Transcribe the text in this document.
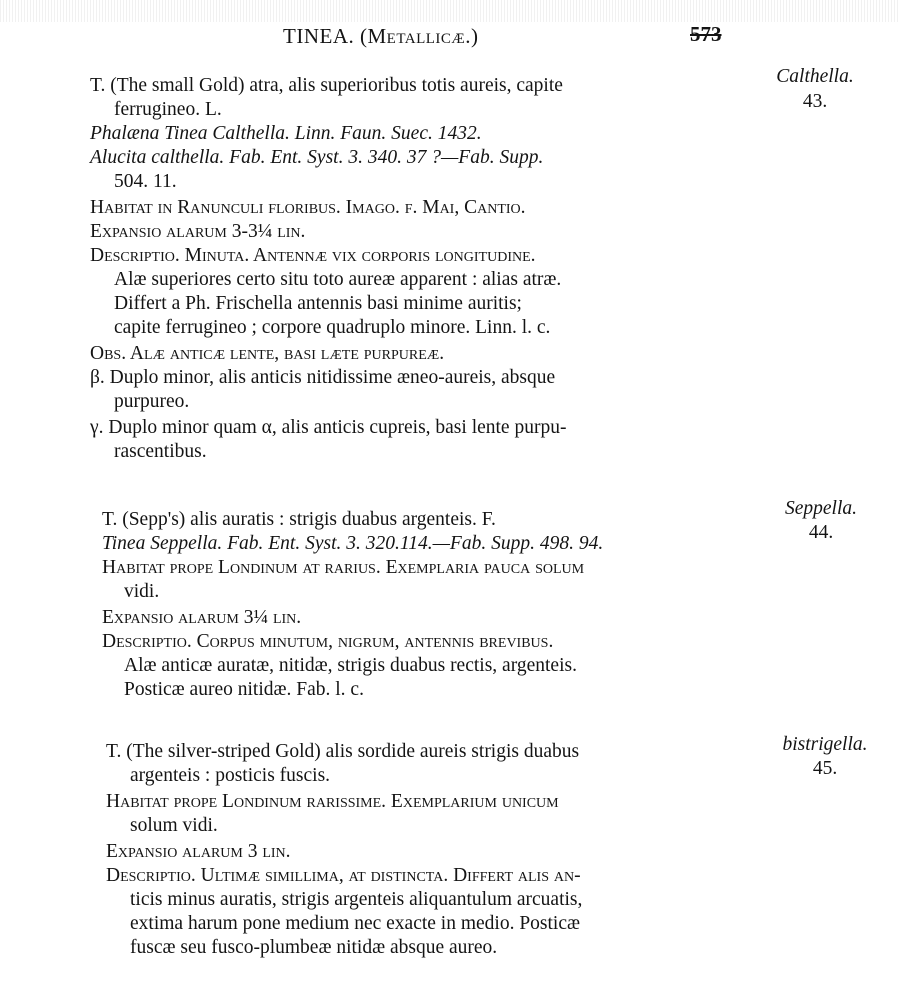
TINEA. (Metallicæ.)	573
Calthella.
43.
T. (The small Gold) atra, alis superioribus totis aureis, capite
ferrugineo. L.
Phalæna Tinea Calthella. Linn. Faun. Suec. 1432.
Alucita calthella. Fab. Ent. Syst. 3. 340. 37 ?—Fab. Supp.
504. 11.
Habitat in Ranunculi floribus. Imago. f. Mai, Cantio.
Expansio alarum 3-3¼ lin.
Descriptio. Minuta. Antennæ vix corporis longitudine.
Alæ superiores certo situ toto aureæ apparent : alias atræ.
Differt a Ph. Frischella antennis basi minime auritis;
capite ferrugineo ; corpore quadruplo minore. Linn. l. c.
Obs. Alæ anticæ lente, basi læte purpureæ.
β. Duplo minor, alis anticis nitidissime æneo-aureis, absque
purpureo.
γ. Duplo minor quam α, alis anticis cupreis, basi lente purpu-
rascentibus.
Seppella.
44.
T. (Sepp's) alis auratis : strigis duabus argenteis. F.
Tinea Seppella. Fab. Ent. Syst. 3. 320.114.—Fab. Supp. 498. 94.
Habitat prope Londinum at rarius. Exemplaria pauca solum
vidi.
Expansio alarum 3¼ lin.
Descriptio. Corpus minutum, nigrum, antennis brevibus.
Alæ anticæ auratæ, nitidæ, strigis duabus rectis, argenteis.
Posticæ aureo nitidæ. Fab. l. c.
bistrigella.
45.
T. (The silver-striped Gold) alis sordide aureis strigis duabus
argenteis : posticis fuscis.
Habitat prope Londinum rarissime. Exemplarium unicum
solum vidi.
Expansio alarum 3 lin.
Descriptio. Ultimæ simillima, at distincta. Differt alis an-
ticis minus auratis, strigis argenteis aliquantulum arcuatis,
extima harum pone medium nec exacte in medio. Posticæ
fuscæ seu fusco-plumbeæ nitidæ absque aureo.
